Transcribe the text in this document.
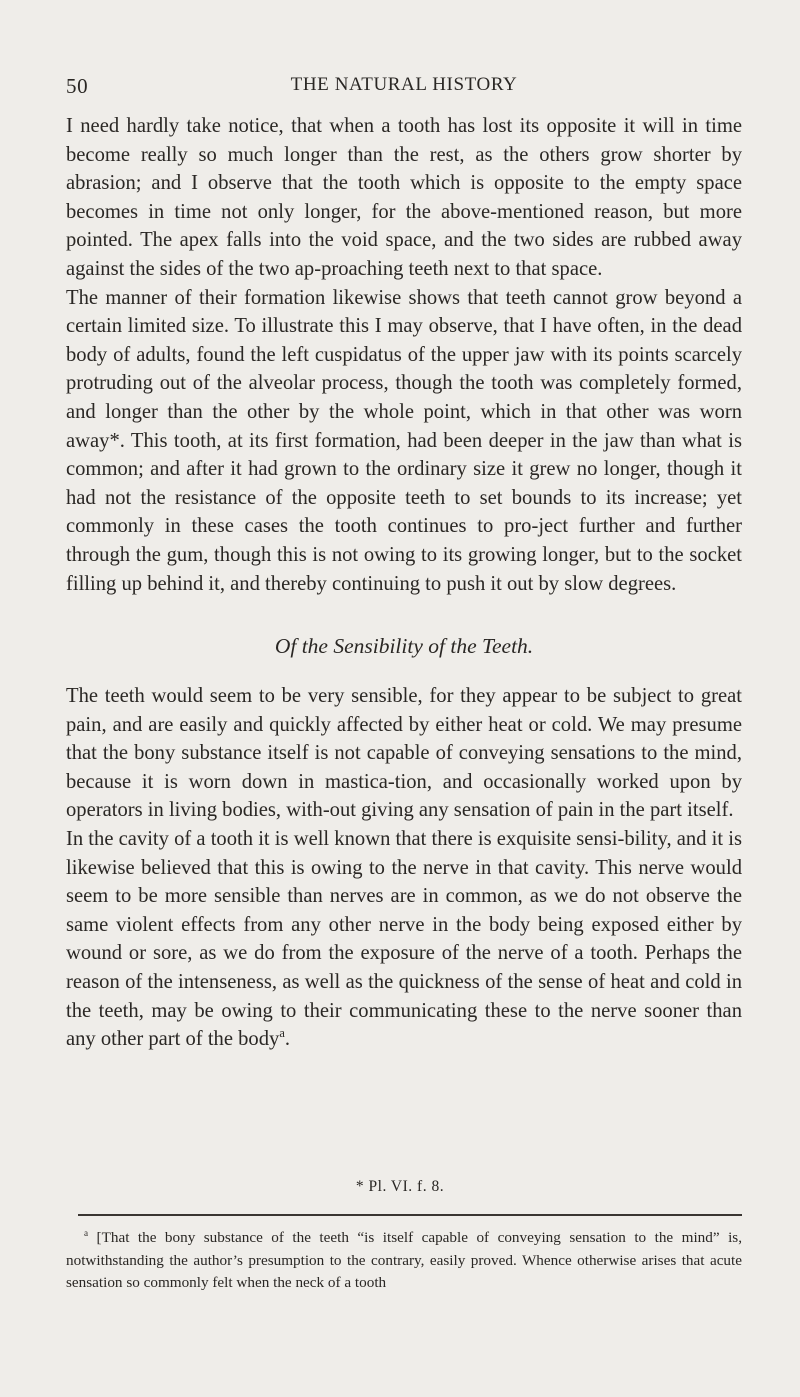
50	THE NATURAL HISTORY

I need hardly take notice, that when a tooth has lost its opposite it will in time become really so much longer than the rest, as the others grow shorter by abrasion; and I observe that the tooth which is opposite to the empty space becomes in time not only longer, for the above-mentioned reason, but more pointed. The apex falls into the void space, and the two sides are rubbed away against the sides of the two ap-proaching teeth next to that space.

The manner of their formation likewise shows that teeth cannot grow beyond a certain limited size. To illustrate this I may observe, that I have often, in the dead body of adults, found the left cuspidatus of the upper jaw with its points scarcely protruding out of the alveolar process, though the tooth was completely formed, and longer than the other by the whole point, which in that other was worn away*. This tooth, at its first formation, had been deeper in the jaw than what is common; and after it had grown to the ordinary size it grew no longer, though it had not the resistance of the opposite teeth to set bounds to its increase; yet commonly in these cases the tooth continues to pro-ject further and further through the gum, though this is not owing to its growing longer, but to the socket filling up behind it, and thereby continuing to push it out by slow degrees.

Of the Sensibility of the Teeth.

The teeth would seem to be very sensible, for they appear to be subject to great pain, and are easily and quickly affected by either heat or cold. We may presume that the bony substance itself is not capable of conveying sensations to the mind, because it is worn down in mastica-tion, and occasionally worked upon by operators in living bodies, with-out giving any sensation of pain in the part itself.

In the cavity of a tooth it is well known that there is exquisite sensi-bility, and it is likewise believed that this is owing to the nerve in that cavity. This nerve would seem to be more sensible than nerves are in common, as we do not observe the same violent effects from any other nerve in the body being exposed either by wound or sore, as we do from the exposure of the nerve of a tooth. Perhaps the reason of the intenseness, as well as the quickness of the sense of heat and cold in the teeth, may be owing to their communicating these to the nerve sooner than any other part of the body$^a$.

* Pl. VI. f. 8.
$^a$ [That the bony substance of the teeth “is itself capable of conveying sensation to the mind” is, notwithstanding the author’s presumption to the contrary, easily proved. Whence otherwise arises that acute sensation so commonly felt when the neck of a tooth
